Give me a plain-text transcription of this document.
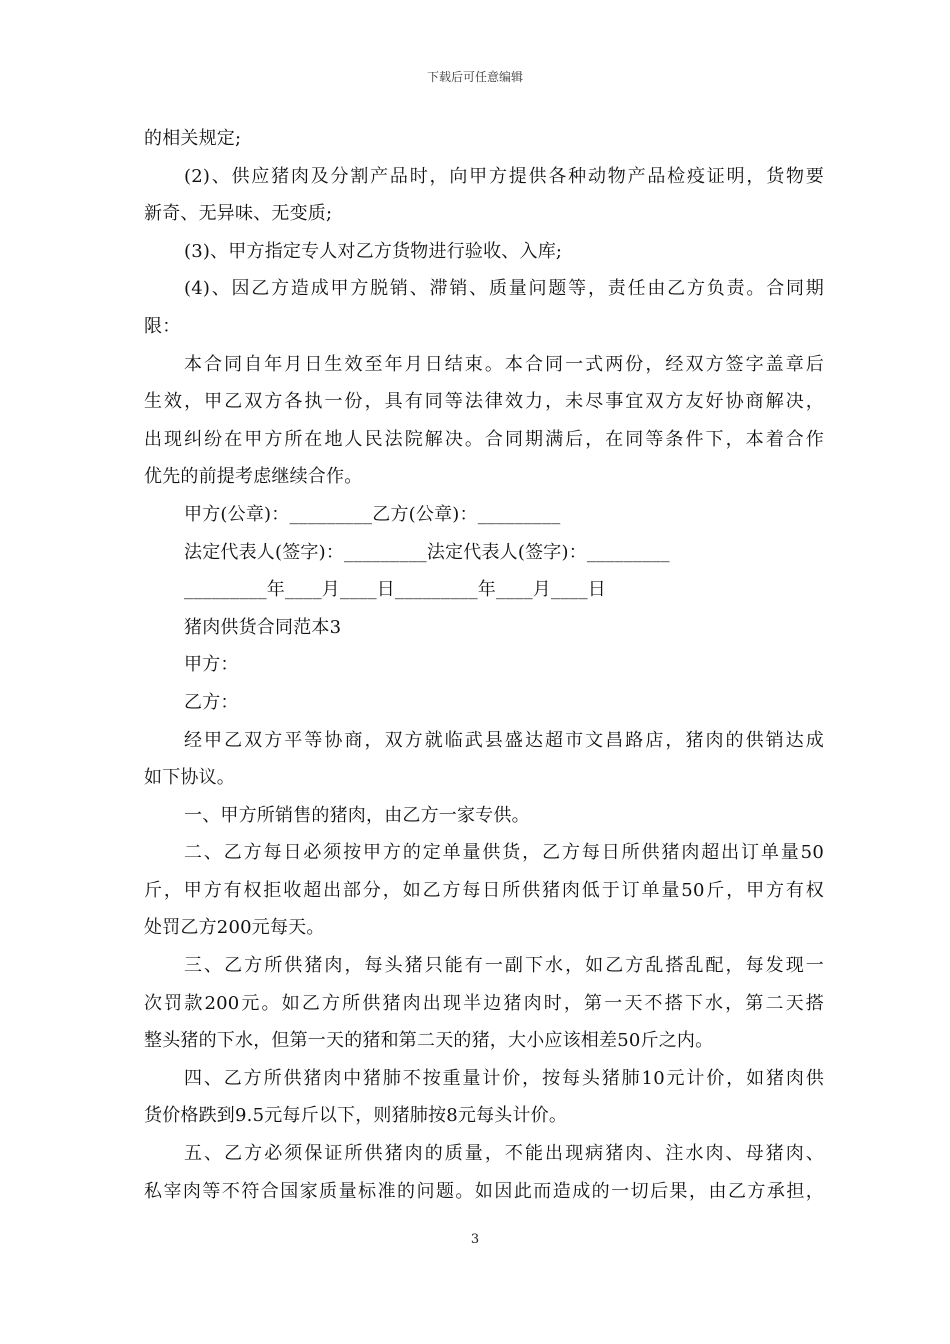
下载后可任意编辑
的相关规定;
(2)、供应猪肉及分割产品时，向甲方提供各种动物产品检疫证明，货物要
新奇、无异味、无变质;
(3)、甲方指定专人对乙方货物进行验收、入库;
(4)、因乙方造成甲方脱销、滞销、质量问题等，责任由乙方负责。合同期
限：
本合同自年月日生效至年月日结束。本合同一式两份，经双方签字盖章后
生效，甲乙双方各执一份，具有同等法律效力，未尽事宜双方友好协商解决，
出现纠纷在甲方所在地人民法院解决。合同期满后，在同等条件下，本着合作
优先的前提考虑继续合作。
甲方(公章)：_________乙方(公章)：_________
法定代表人(签字)：_________法定代表人(签字)：_________
_________年____月____日_________年____月____日
猪肉供货合同范本3
甲方：
乙方：
经甲乙双方平等协商，双方就临武县盛达超市文昌路店，猪肉的供销达成
如下协议。
一、甲方所销售的猪肉，由乙方一家专供。
二、乙方每日必须按甲方的定单量供货，乙方每日所供猪肉超出订单量50
斤，甲方有权拒收超出部分，如乙方每日所供猪肉低于订单量50斤，甲方有权
处罚乙方200元每天。
三、乙方所供猪肉，每头猪只能有一副下水，如乙方乱搭乱配，每发现一
次罚款200元。如乙方所供猪肉出现半边猪肉时，第一天不搭下水，第二天搭
整头猪的下水，但第一天的猪和第二天的猪，大小应该相差50斤之内。
四、乙方所供猪肉中猪肺不按重量计价，按每头猪肺10元计价，如猪肉供
货价格跌到9.5元每斤以下，则猪肺按8元每头计价。
五、乙方必须保证所供猪肉的质量，不能出现病猪肉、注水肉、母猪肉、
私宰肉等不符合国家质量标准的问题。如因此而造成的一切后果，由乙方承担，
3
